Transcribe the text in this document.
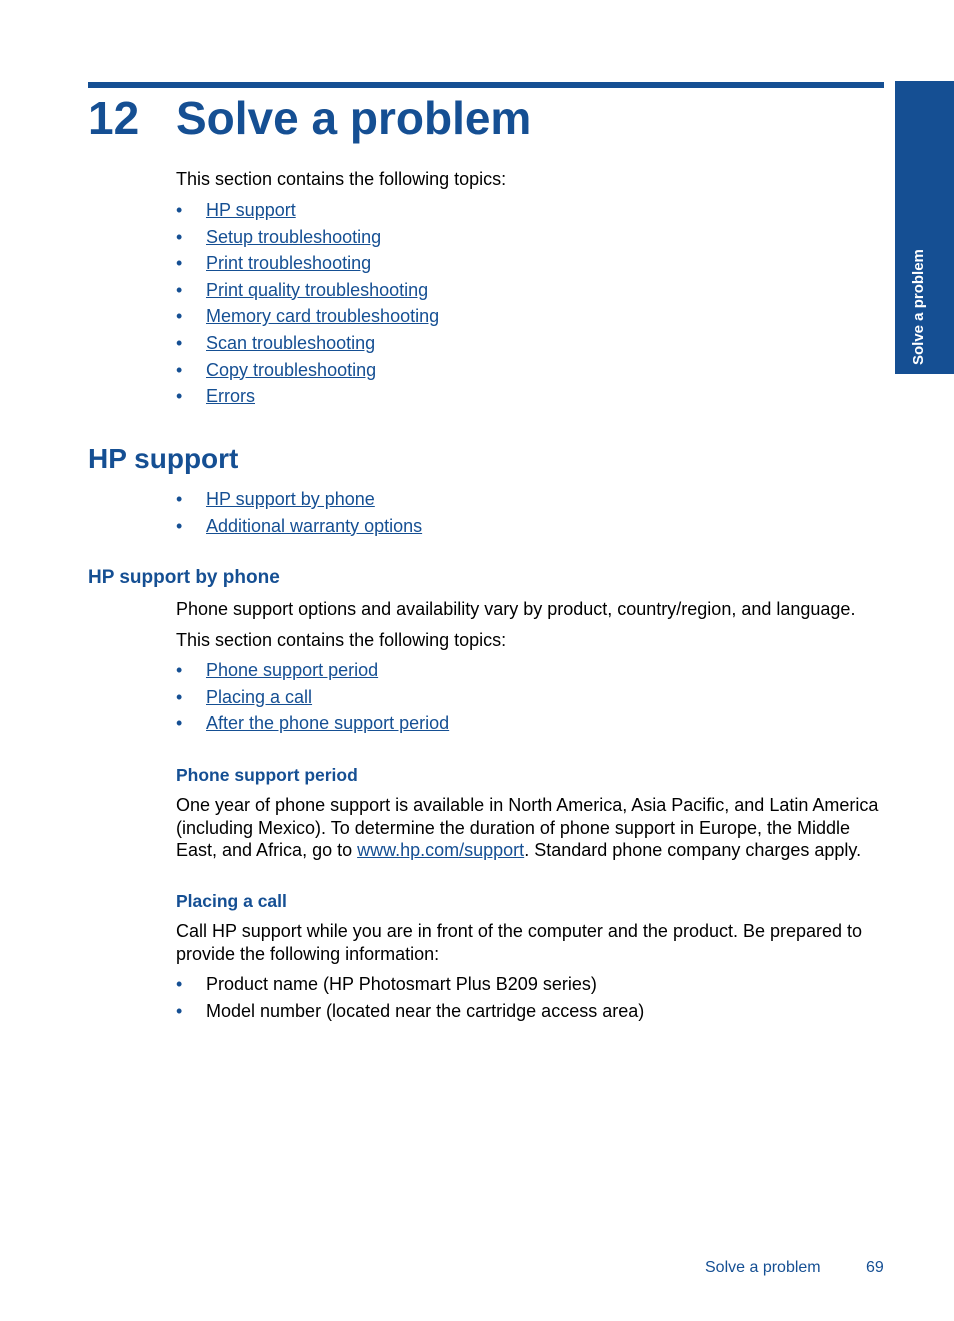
Solve a problem
12 Solve a problem

This section contains the following topics:

• HP support
• Setup troubleshooting
• Print troubleshooting
• Print quality troubleshooting
• Memory card troubleshooting
• Scan troubleshooting
• Copy troubleshooting
• Errors
HP support
• HP support by phone
• Additional warranty options
HP support by phone

Phone support options and availability vary by product, country/region, and language.

This section contains the following topics:

• Phone support period
• Placing a call
• After the phone support period
Phone support period

One year of phone support is available in North America, Asia Pacific, and Latin America (including Mexico). To determine the duration of phone support in Europe, the Middle East, and Africa, go to www.hp.com/support. Standard phone company charges apply.

Placing a call

Call HP support while you are in front of the computer and the product. Be prepared to provide the following information:

• Product name (HP Photosmart Plus B209 series)
• Model number (located near the cartridge access area)
Solve a problem	69
